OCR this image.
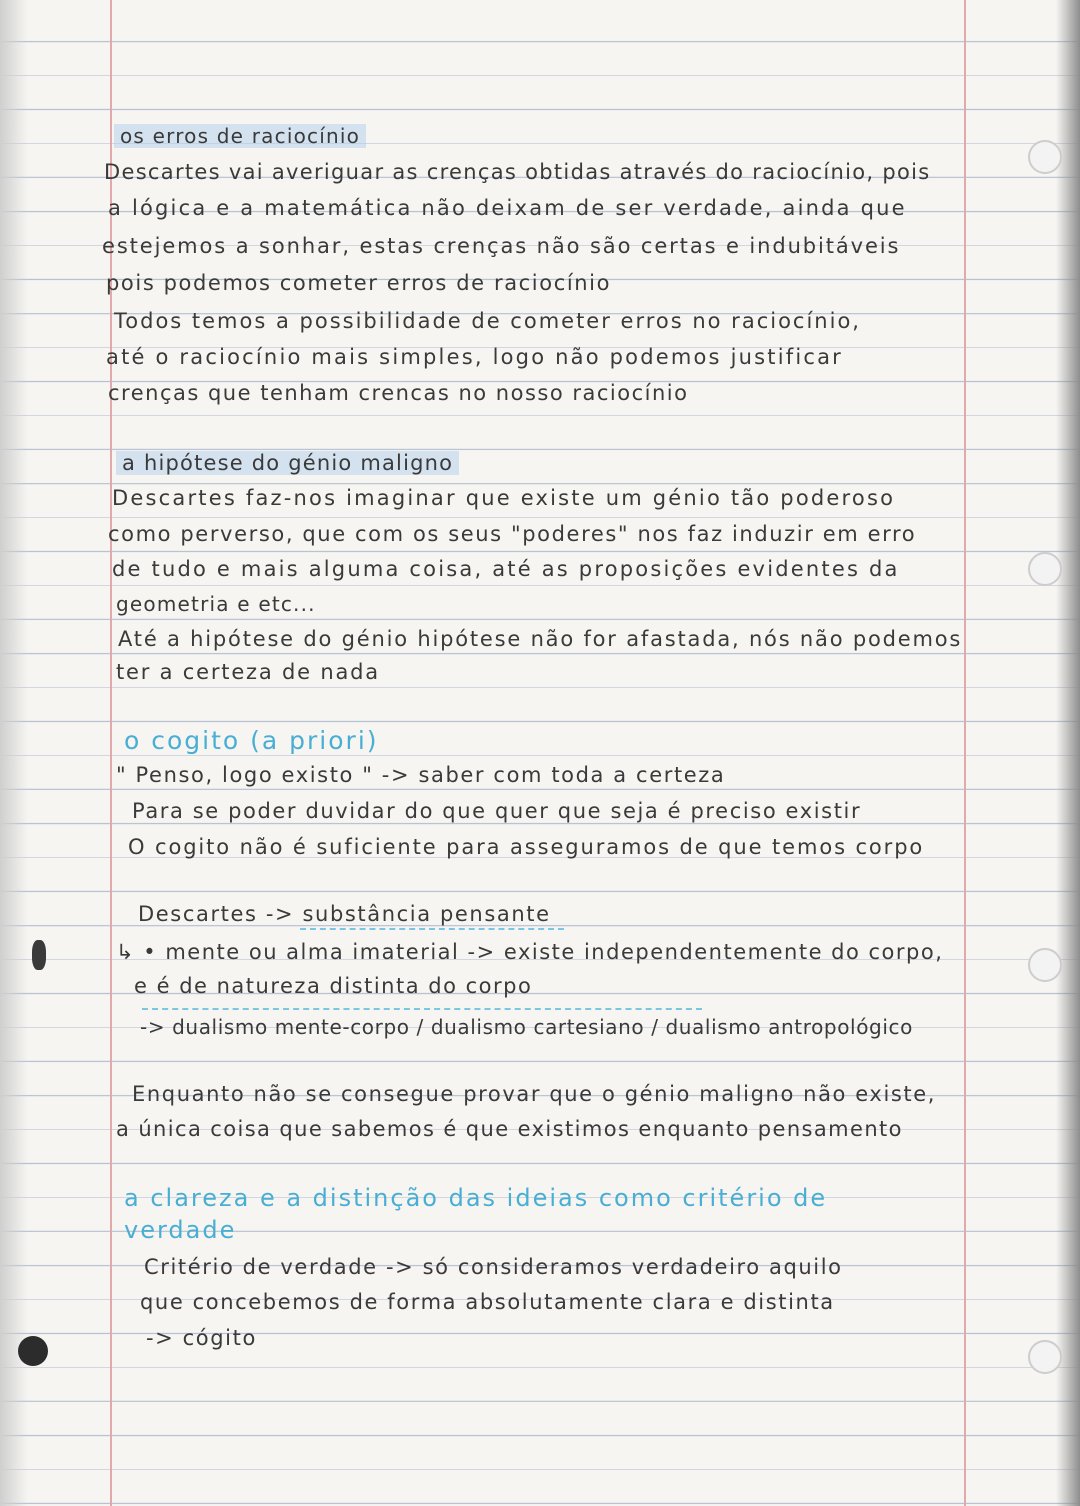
os erros de raciocínio
Descartes vai averiguar as crenças obtidas através do raciocínio, pois
a lógica e a matemática não deixam de ser verdade, ainda que
estejemos a sonhar, estas crenças não são certas e indubitáveis
pois podemos cometer erros de raciocínio
Todos temos a possibilidade de cometer erros no raciocínio,
até o raciocínio mais simples, logo não podemos justificar
crenças que tenham crencas no nosso raciocínio
a hipótese do génio maligno
Descartes faz-nos imaginar que existe um génio tão poderoso
como perverso, que com os seus "poderes" nos faz induzir em erro
de tudo e mais alguma coisa, até as proposições evidentes da
geometria e etc...
Até a hipótese do génio hipótese não for afastada, nós não podemos
ter a certeza de nada
o cogito (a priori)
" Penso, logo existo " -> saber com toda a certeza
Para se poder duvidar do que quer que seja é preciso existir
O cogito não é suficiente para asseguramos de que temos corpo
Descartes -> substância pensante
↳ • mente ou alma imaterial -> existe independentemente do corpo,
e é de natureza distinta do corpo
-> dualismo mente-corpo / dualismo cartesiano / dualismo antropológico
Enquanto não se consegue provar que o génio maligno não existe,
a única coisa que sabemos é que existimos enquanto pensamento
a clareza e a distinção das ideias como critério de
verdade
Critério de verdade -> só consideramos verdadeiro aquilo
que concebemos de forma absolutamente clara e distinta
-> cógito
